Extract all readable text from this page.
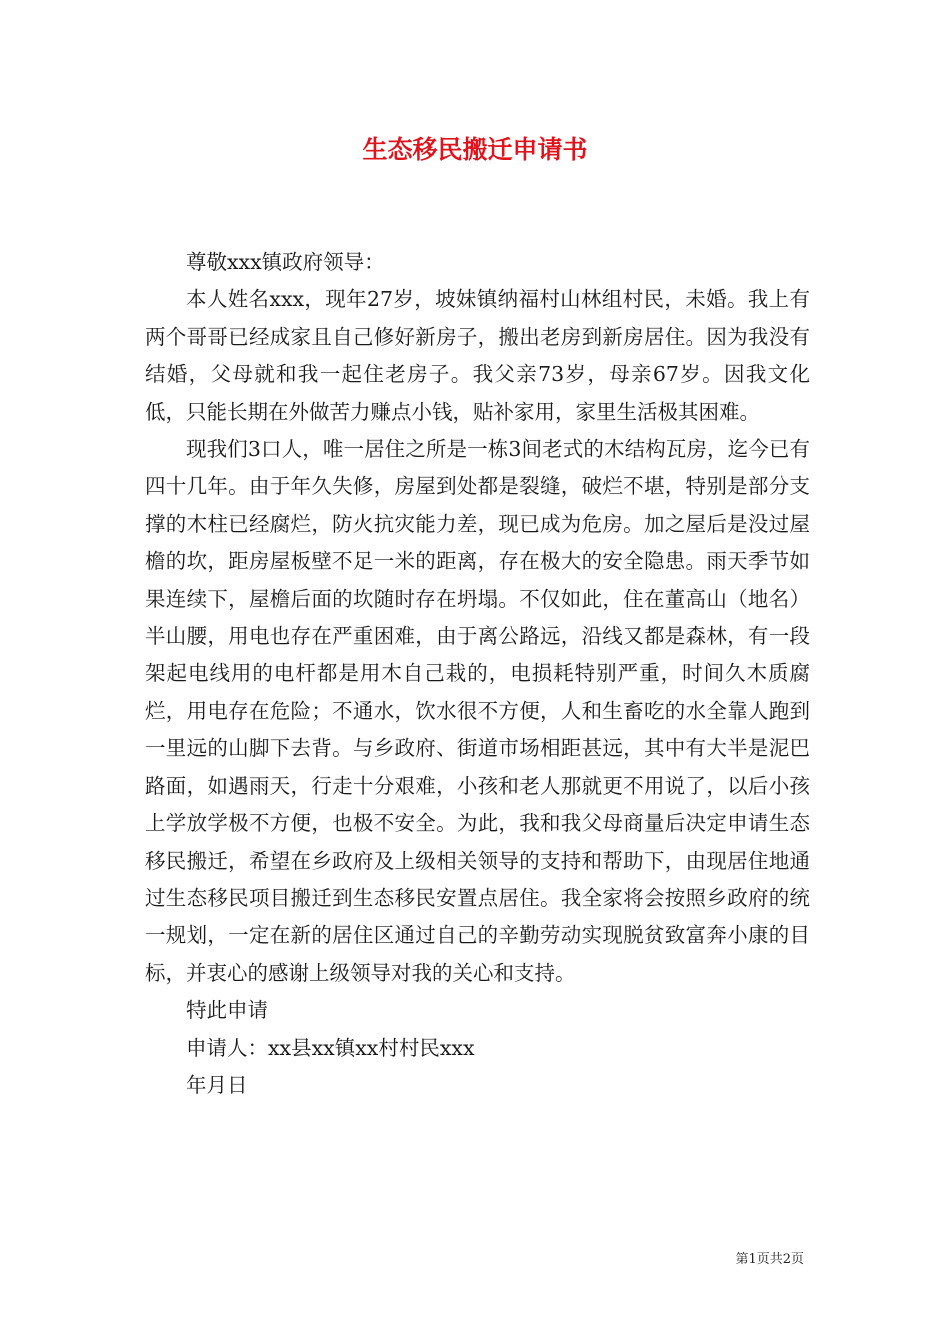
生态移民搬迁申请书

尊敬xxx镇政府领导：

本人姓名xxx，现年27岁，坡妹镇纳福村山林组村民，未婚。我上有两个哥哥已经成家且自己修好新房子，搬出老房到新房居住。因为我没有结婚，父母就和我一起住老房子。我父亲73岁，母亲67岁。因我文化低，只能长期在外做苦力赚点小钱，贴补家用，家里生活极其困难。

现我们3口人，唯一居住之所是一栋3间老式的木结构瓦房，迄今已有四十几年。由于年久失修，房屋到处都是裂缝，破烂不堪，特别是部分支撑的木柱已经腐烂，防火抗灾能力差，现已成为危房。加之屋后是没过屋檐的坎，距房屋板壁不足一米的距离，存在极大的安全隐患。雨天季节如果连续下，屋檐后面的坎随时存在坍塌。不仅如此，住在董高山（地名）半山腰，用电也存在严重困难，由于离公路远，沿线又都是森林，有一段架起电线用的电杆都是用木自己栽的，电损耗特别严重，时间久木质腐烂，用电存在危险；不通水，饮水很不方便，人和生畜吃的水全靠人跑到一里远的山脚下去背。与乡政府、街道市场相距甚远，其中有大半是泥巴路面，如遇雨天，行走十分艰难，小孩和老人那就更不用说了，以后小孩上学放学极不方便，也极不安全。为此，我和我父母商量后决定申请生态移民搬迁，希望在乡政府及上级相关领导的支持和帮助下，由现居住地通过生态移民项目搬迁到生态移民安置点居住。我全家将会按照乡政府的统一规划，一定在新的居住区通过自己的辛勤劳动实现脱贫致富奔小康的目标，并衷心的感谢上级领导对我的关心和支持。

特此申请

申请人：xx县xx镇xx村村民xxx

年月日

第1页共2页
